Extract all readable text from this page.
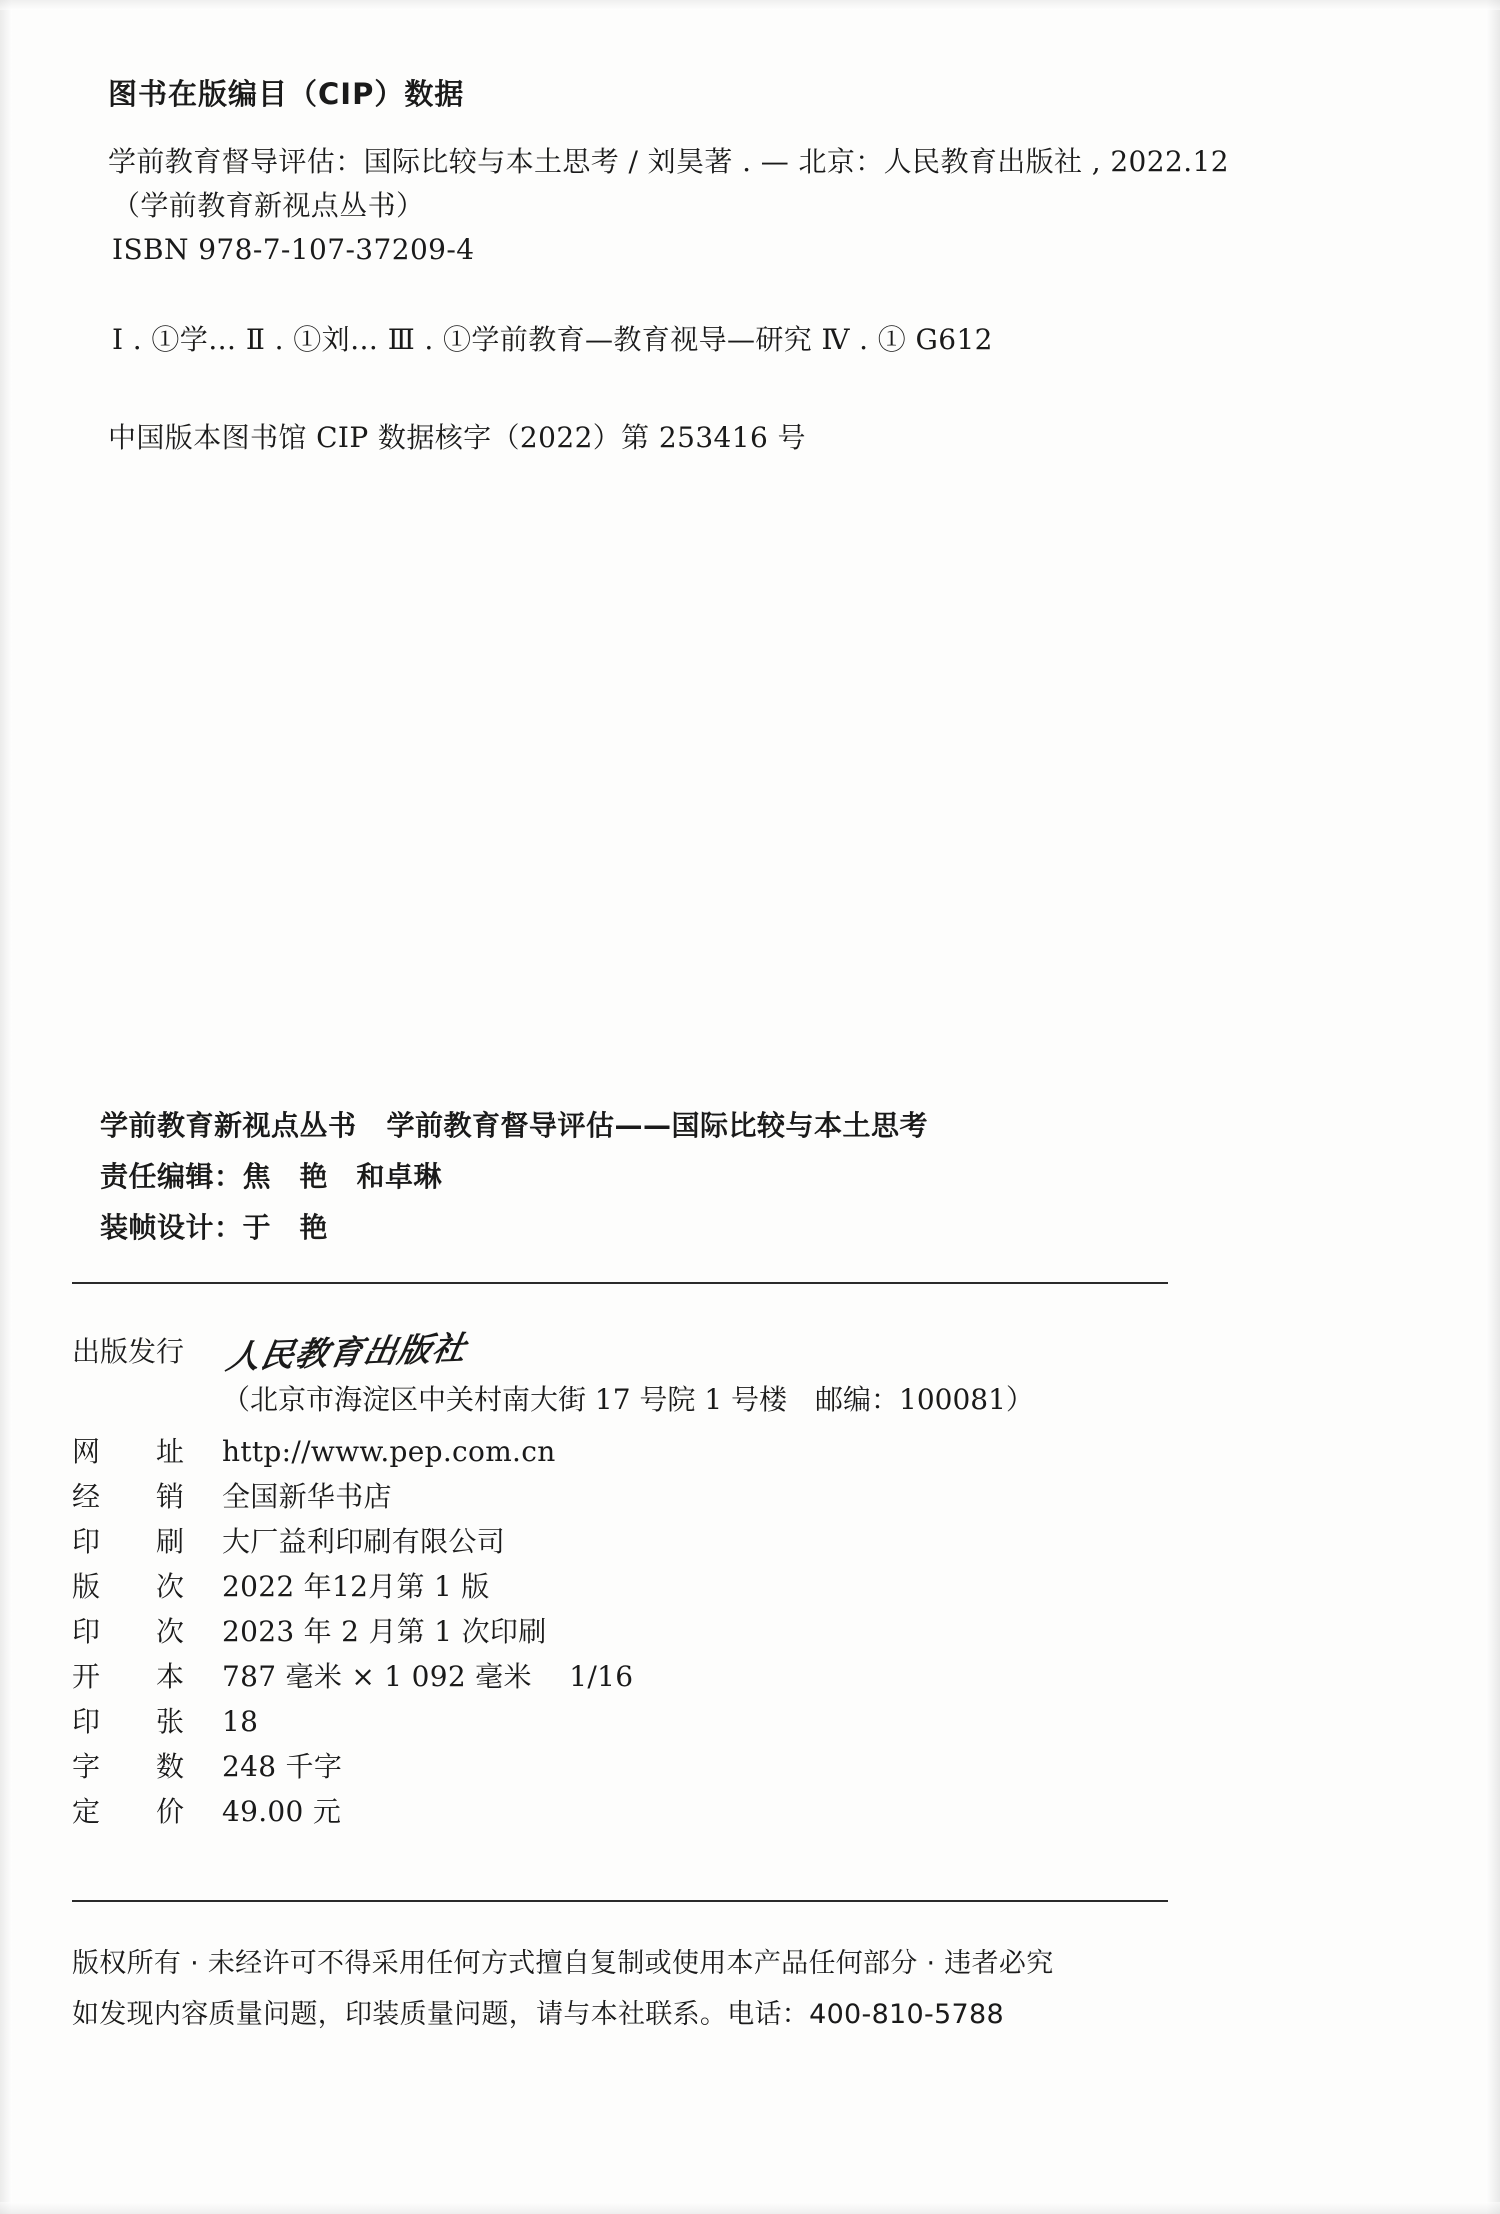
图书在版编目（CIP）数据
学前教育督导评估：国际比较与本土思考 / 刘昊著 . — 北京：人民教育出版社 , 2022.12
（学前教育新视点丛书）
ISBN 978-7-107-37209-4
Ⅰ . ①学… Ⅱ . ①刘… Ⅲ . ①学前教育—教育视导—研究 Ⅳ . ① G612
中国版本图书馆 CIP 数据核字（2022）第 253416 号
学前教育新视点丛书 学前教育督导评估——国际比较与本土思考
责任编辑：焦　艳　和卓琳
装帧设计：于　艳
出版发行	人民教育出版社
（北京市海淀区中关村南大街 17 号院 1 号楼　邮编：100081）
网　　址	http://www.pep.com.cn
经　　销	全国新华书店
印　　刷	大厂益利印刷有限公司
版　　次	2022 年12月第 1 版
印　　次	2023 年 2 月第 1 次印刷
开　　本	787 毫米 × 1 092 毫米　 1/16
印　　张	18
字　　数	248 千字
定　　价	49.00 元
版权所有 · 未经许可不得采用任何方式擅自复制或使用本产品任何部分 · 违者必究
如发现内容质量问题，印装质量问题，请与本社联系。电话：400-810-5788
